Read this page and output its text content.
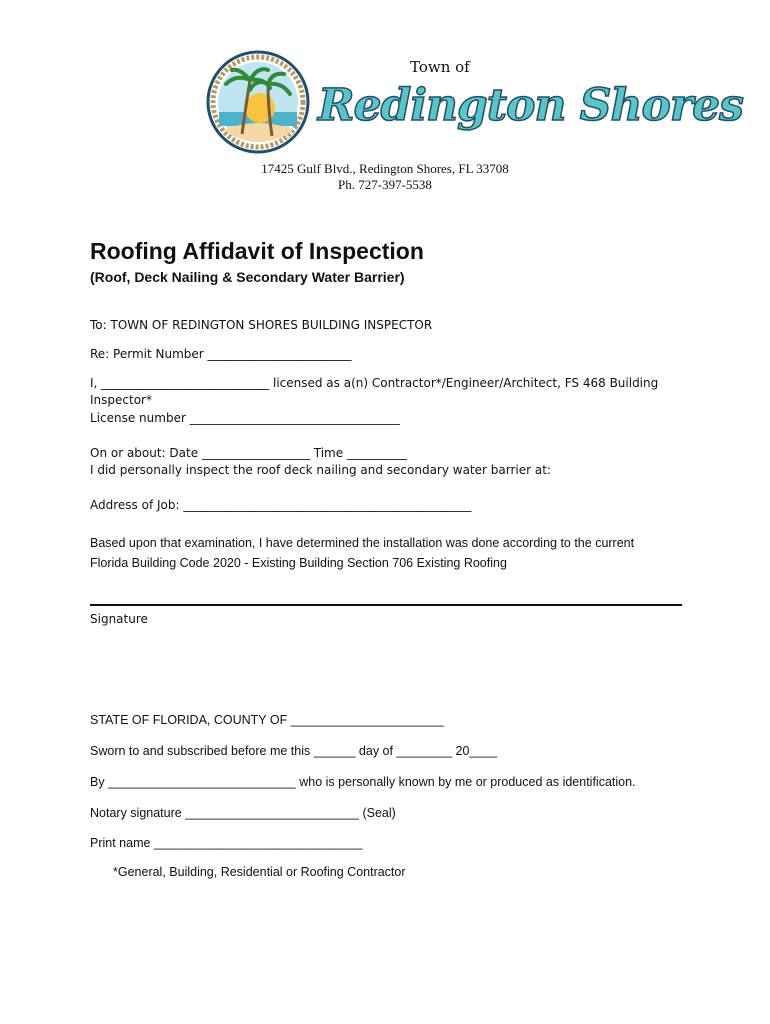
Town of
Redington Shores
17425 Gulf Blvd., Redington Shores, FL 33708
Ph. 727-397-5538
Roofing Affidavit of Inspection
(Roof, Deck Nailing & Secondary Water Barrier)
To: TOWN OF REDINGTON SHORES BUILDING INSPECTOR
Re: Permit Number ________________________
I, ____________________________ licensed as a(n) Contractor*/Engineer/Architect, FS 468 Building
Inspector*
License number ___________________________________
On or about: Date __________________ Time __________
I did personally inspect the roof deck nailing and secondary water barrier at:
Address of Job: ________________________________________________
Based upon that examination, I have determined the installation was done according to the current
Florida Building Code 2020 - Existing Building Section 706 Existing Roofing
Signature
STATE OF FLORIDA, COUNTY OF ______________________
Sworn to and subscribed before me this ______ day of ________ 20____
By ___________________________ who is personally known by me or produced as identification.
Notary signature _________________________ (Seal)
Print name ______________________________
*General, Building, Residential or Roofing Contractor
